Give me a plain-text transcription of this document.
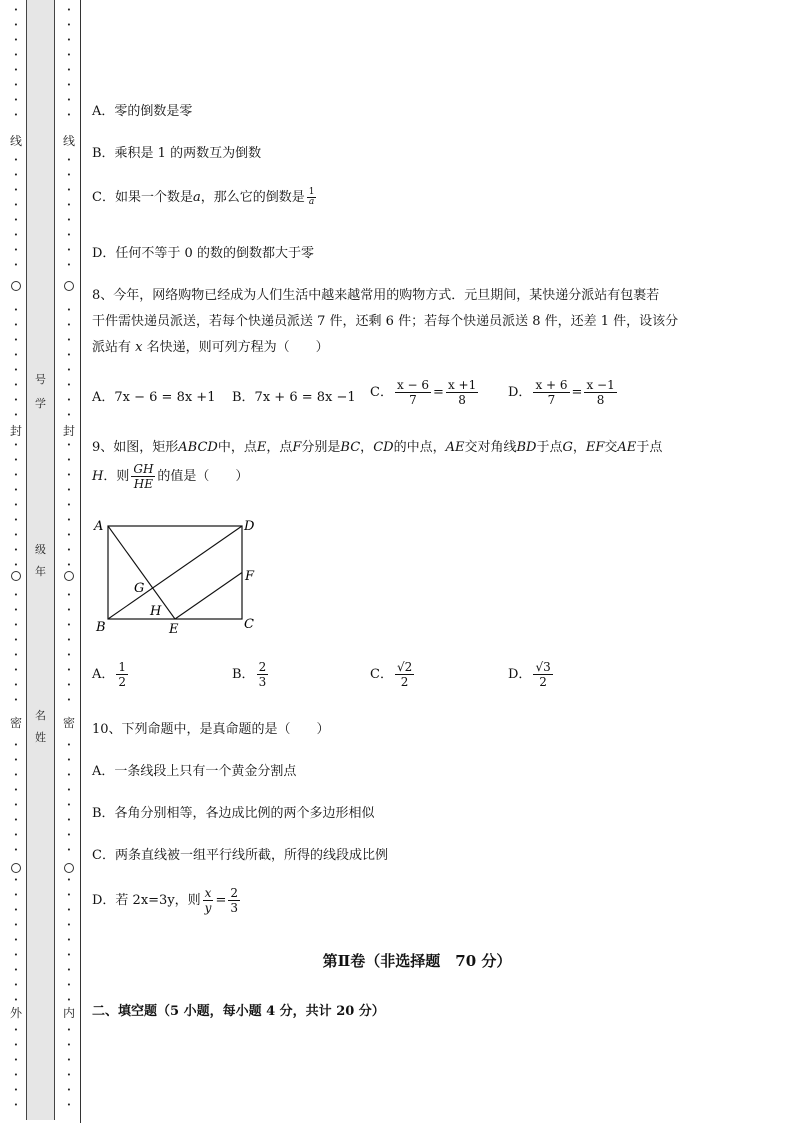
•
•
•
•
•
•
•
•
•
•
•
•
•
•
•
•
•
•
•
•
•
•
•
•
•
•
•
•
•
•
•
•
•
•
•
•
•
•
•
•
•
•
•
•
•
•
•
•
•
•
•
•
•
•
•
•
•
•
•
•
•
•
•
•
线
封
密
外
号
学
级
年
名
姓
•
•
•
•
•
•
•
•
•
•
•
•
•
•
•
•
•
•
•
•
•
•
•
•
•
•
•
•
•
•
•
•
•
•
•
•
•
•
•
•
•
•
•
•
•
•
•
•
•
•
•
•
•
•
•
•
•
•
•
•
•
•
•
•
线
封
密
内
A．零的倒数是零
B．乘积是 1 的两数互为倒数
C．如果一个数是a，那么它的倒数是 $\frac{1}{a}$
D．任何不等于 0 的数的倒数都大于零
8、今年，网络购物已经成为人们生活中越来越常用的购物方式．元旦期间，某快递分派站有包裹若
干件需快递员派送，若每个快递员派送 7 件，还剩 6 件；若每个快递员派送 8 件，还差 1 件，设该分
派站有 x 名快递，则可列方程为（　　）
A．7x − 6 = 8x +1 B．7x + 6 = 8x −1 C． $\frac{x - 6}{7} = \frac{x +1}{8}$ D． $\frac{x + 6}{7} = \frac{x -1}{8}$
9、如图，矩形ABCD中，点E，点F分别是BC，CD的中点，AE交对角线BD于点G，EF交AE于点
H．则 $\frac{GH}{HE}$ 的值是（　　）
A	D
B	C
E
F
G
H
A． $\frac{1}{2}$	B． $\frac{2}{3}$	C． $\frac{√2}{2}$	D． $\frac{√3}{2}$
10、下列命题中，是真命题的是（　　）
A．一条线段上只有一个黄金分割点
B．各角分别相等，各边成比例的两个多边形相似
C．两条直线被一组平行线所截，所得的线段成比例
D．若 2x=3y，则 $\frac{x}{y} = \frac{2}{3}$
第Ⅱ卷（非选择题　70 分）
二、填空题（5 小题，每小题 4 分，共计 20 分）
